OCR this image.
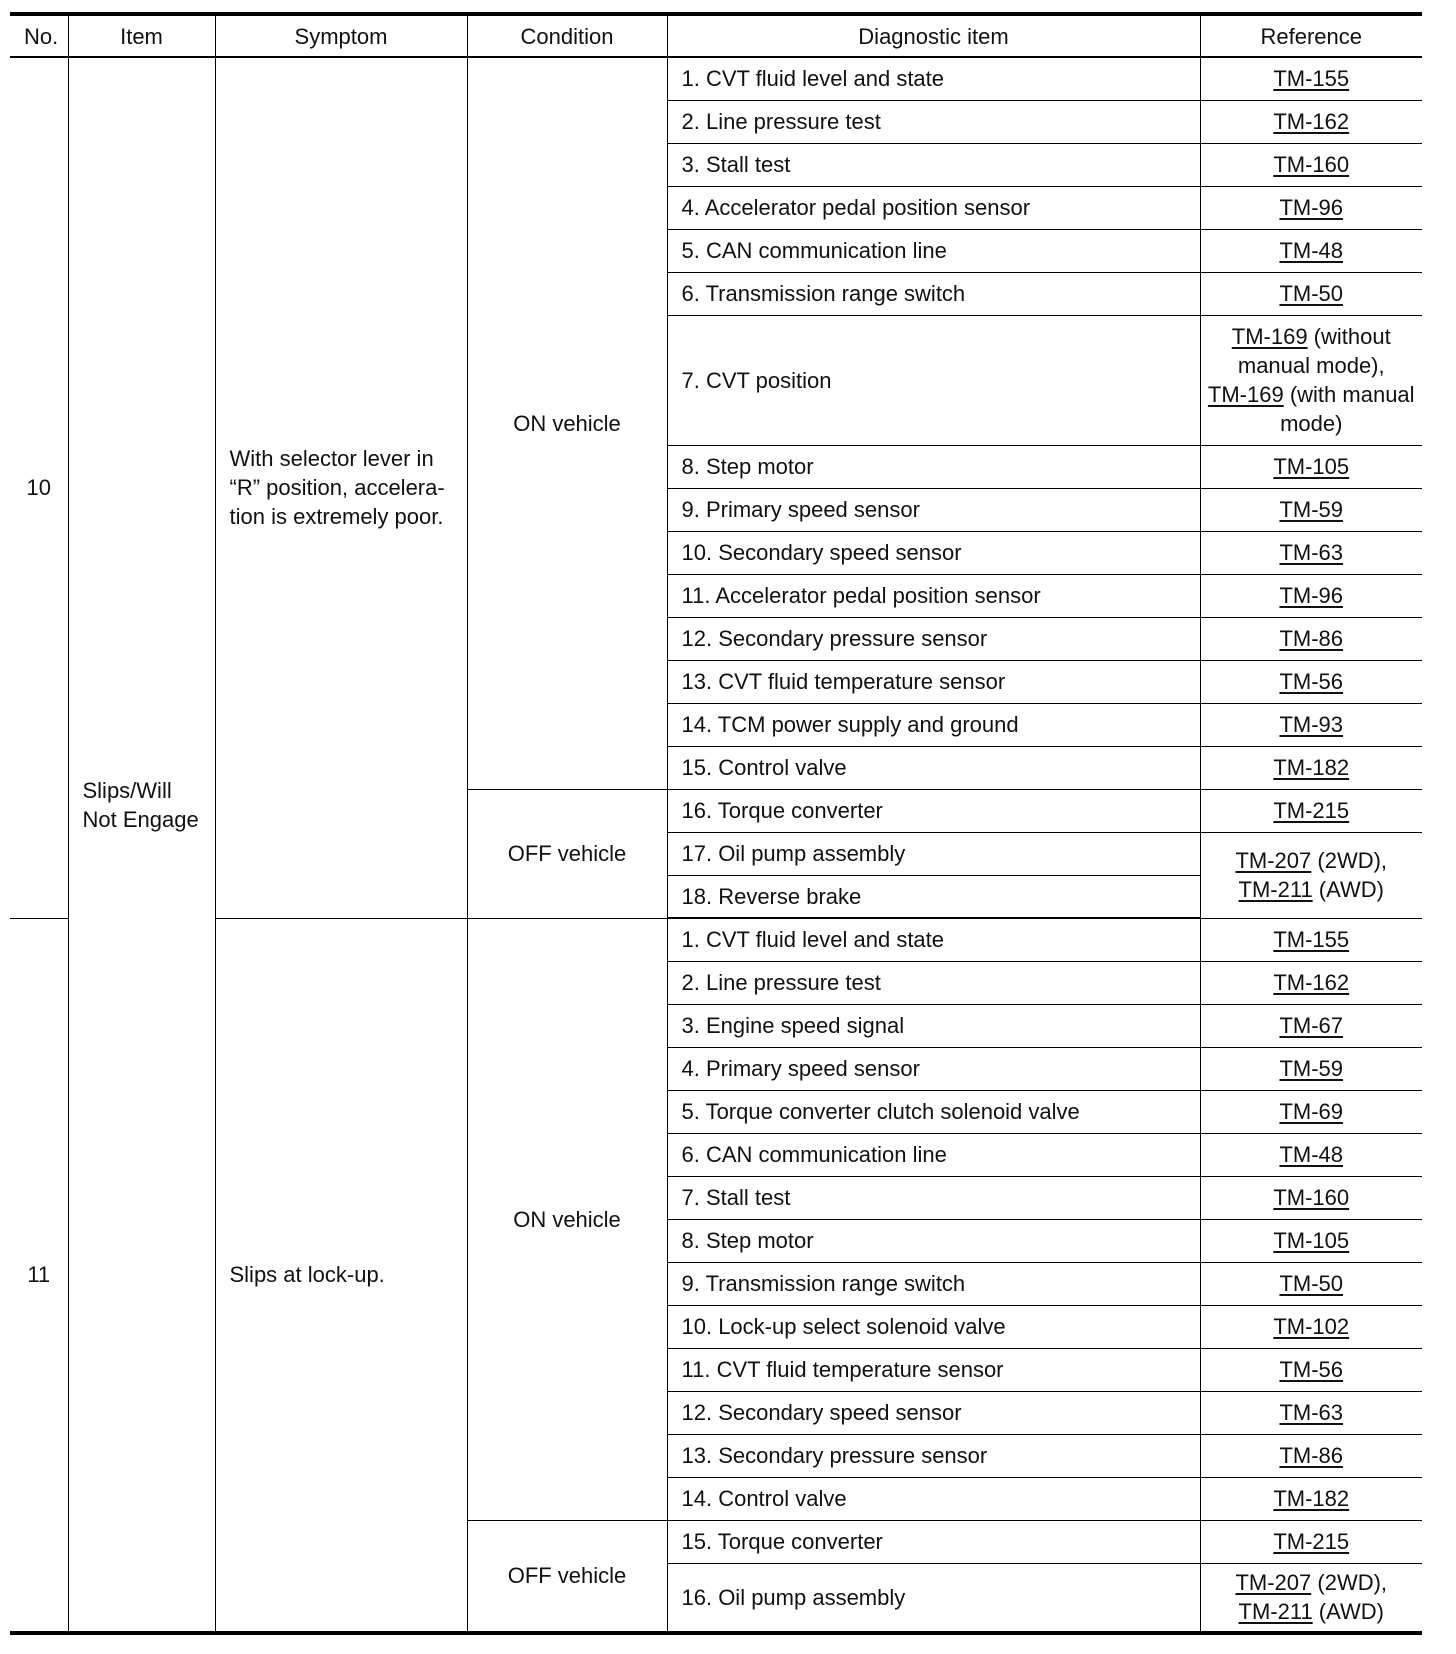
No.	Item	Symptom	Condition	Diagnostic item	Reference
10	Slips/Will Not Engage	With selector lever in “R” position, accelera-tion is extremely poor.	ON vehicle	1. CVT fluid level and state	TM-155
				2. Line pressure test	TM-162
				3. Stall test	TM-160
				4. Accelerator pedal position sensor	TM-96
				5. CAN communication line	TM-48
				6. Transmission range switch	TM-50
				7. CVT position	TM-169 (without manual mode),
TM-169 (with manual mode)
				8. Step motor	TM-105
				9. Primary speed sensor	TM-59
				10. Secondary speed sensor	TM-63
				11. Accelerator pedal position sensor	TM-96
				12. Secondary pressure sensor	TM-86
				13. CVT fluid temperature sensor	TM-56
				14. TCM power supply and ground	TM-93
				15. Control valve	TM-182
			OFF vehicle	16. Torque converter	TM-215
				17. Oil pump assembly	TM-207 (2WD),
TM-211 (AWD)
				18. Reverse brake	
11		Slips at lock-up.	ON vehicle	1. CVT fluid level and state	TM-155
				2. Line pressure test	TM-162
				3. Engine speed signal	TM-67
				4. Primary speed sensor	TM-59
				5. Torque converter clutch solenoid valve	TM-69
				6. CAN communication line	TM-48
				7. Stall test	TM-160
				8. Step motor	TM-105
				9. Transmission range switch	TM-50
				10. Lock-up select solenoid valve	TM-102
				11. CVT fluid temperature sensor	TM-56
				12. Secondary speed sensor	TM-63
				13. Secondary pressure sensor	TM-86
				14. Control valve	TM-182
			OFF vehicle	15. Torque converter	TM-215
				16. Oil pump assembly	TM-207 (2WD),
TM-211 (AWD)
